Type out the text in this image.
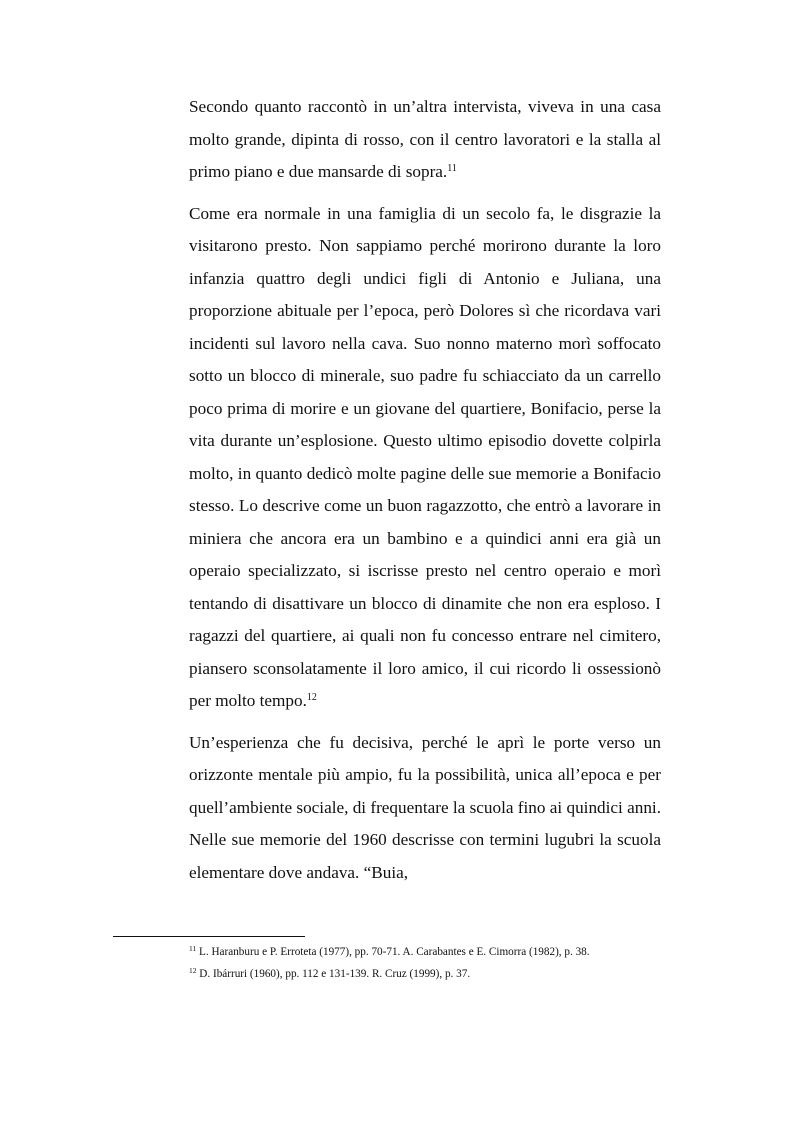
Secondo quanto raccontò in un’altra intervista, viveva in una casa molto grande, dipinta di rosso, con il centro lavoratori e la stalla al primo piano e due mansarde di sopra.$^{11}$

Come era normale in una famiglia di un secolo fa, le disgrazie la visitarono presto. Non sappiamo perché morirono durante la loro infanzia quattro degli undici figli di Antonio e Juliana, una proporzione abituale per l’epoca, però Dolores sì che ricordava vari incidenti sul lavoro nella cava. Suo nonno materno morì soffocato sotto un blocco di minerale, suo padre fu schiacciato da un carrello poco prima di morire e un giovane del quartiere, Bonifacio, perse la vita durante un’esplosione. Questo ultimo episodio dovette colpirla molto, in quanto dedicò molte pagine delle sue memorie a Bonifacio stesso. Lo descrive come un buon ragazzotto, che entrò a lavorare in miniera che ancora era un bambino e a quindici anni era già un operaio specializzato, si iscrisse presto nel centro operaio e morì tentando di disattivare un blocco di dinamite che non era esploso. I ragazzi del quartiere, ai quali non fu concesso entrare nel cimitero, piansero sconsolatamente il loro amico, il cui ricordo li ossessionò per molto tempo.$^{12}$

Un’esperienza che fu decisiva, perché le aprì le porte verso un orizzonte mentale più ampio, fu la possibilità, unica all’epoca e per quell’ambiente sociale, di frequentare la scuola fino ai quindici anni. Nelle sue memorie del 1960 descrisse con termini lugubri la scuola elementare dove andava. “Buia,

$^{11}$ L. Haranburu e P. Erroteta (1977), pp. 70-71. A. Carabantes e E. Cimorra (1982), p. 38.

$^{12}$ D. Ibárruri (1960), pp. 112 e 131-139. R. Cruz (1999), p. 37.
